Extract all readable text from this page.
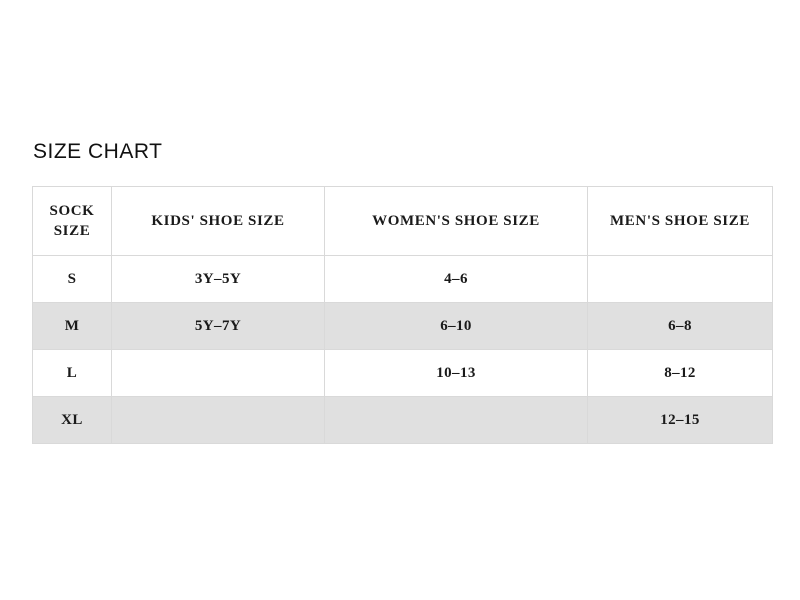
SIZE CHART
SOCK
SIZE	KIDS' SHOE SIZE	WOMEN'S SHOE SIZE	MEN'S SHOE SIZE
S	3Y–5Y	4–6	
M	5Y–7Y	6–10	6–8
L		10–13	8–12
XL			12–15
